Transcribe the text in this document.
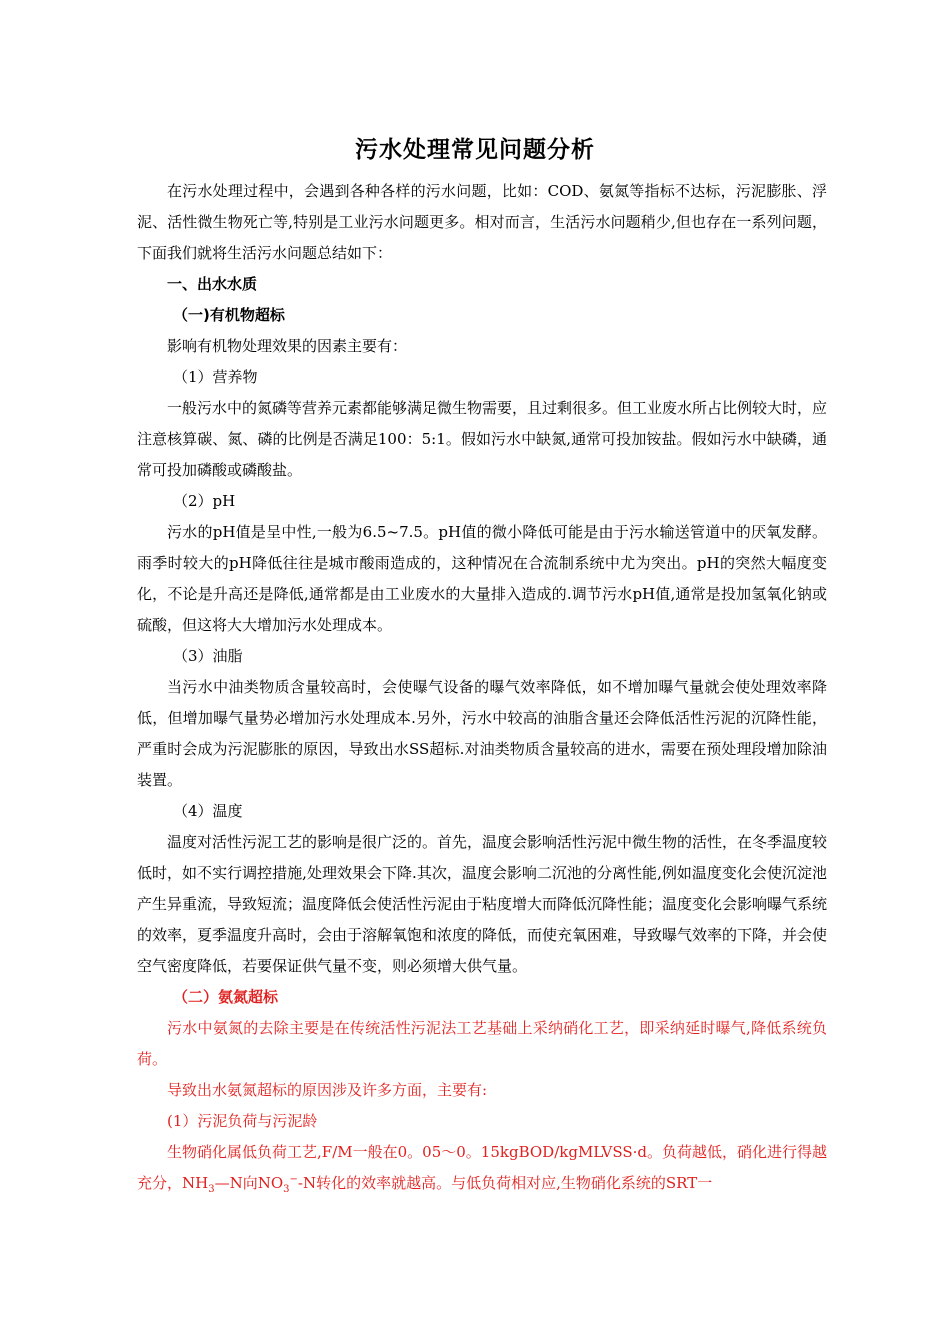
污水处理常见问题分析

在污水处理过程中，会遇到各种各样的污水问题，比如：COD、氨氮等指标不达标，污泥膨胀、浮泥、活性微生物死亡等,特别是工业污水问题更多。相对而言，生活污水问题稍少,但也存在一系列问题，下面我们就将生活污水问题总结如下：

一、出水水质

（一)有机物超标

影响有机物处理效果的因素主要有：

（1）营养物

一般污水中的氮磷等营养元素都能够满足微生物需要，且过剩很多。但工业废水所占比例较大时，应注意核算碳、氮、磷的比例是否满足100：5:1。假如污水中缺氮,通常可投加铵盐。假如污水中缺磷，通常可投加磷酸或磷酸盐。

（2）pH

污水的pH值是呈中性,一般为6.5~7.5。pH值的微小降低可能是由于污水输送管道中的厌氧发酵。雨季时较大的pH降低往往是城市酸雨造成的，这种情况在合流制系统中尤为突出。pH的突然大幅度变化，不论是升高还是降低,通常都是由工业废水的大量排入造成的.调节污水pH值,通常是投加氢氧化钠或硫酸，但这将大大增加污水处理成本。

（3）油脂

当污水中油类物质含量较高时，会使曝气设备的曝气效率降低，如不增加曝气量就会使处理效率降低，但增加曝气量势必增加污水处理成本.另外，污水中较高的油脂含量还会降低活性污泥的沉降性能，严重时会成为污泥膨胀的原因，导致出水SS超标.对油类物质含量较高的进水，需要在预处理段增加除油装置。

（4）温度

温度对活性污泥工艺的影响是很广泛的。首先，温度会影响活性污泥中微生物的活性，在冬季温度较低时，如不实行调控措施,处理效果会下降.其次，温度会影响二沉池的分离性能,例如温度变化会使沉淀池产生异重流，导致短流；温度降低会使活性污泥由于粘度增大而降低沉降性能；温度变化会影响曝气系统的效率，夏季温度升高时，会由于溶解氧饱和浓度的降低，而使充氧困难，导致曝气效率的下降，并会使空气密度降低，若要保证供气量不变，则必须增大供气量。

（二）氨氮超标

污水中氨氮的去除主要是在传统活性污泥法工艺基础上采纳硝化工艺，即采纳延时曝气,降低系统负荷。

导致出水氨氮超标的原因涉及许多方面，主要有:

(1）污泥负荷与污泥龄

生物硝化属低负荷工艺,F/M一般在0。05～0。15kgBOD/kgMLVSS·d。负荷越低，硝化进行得越充分，$NH_3—N$向$NO_3^--N$转化的效率就越高。与低负荷相对应,生物硝化系统的SRT一
